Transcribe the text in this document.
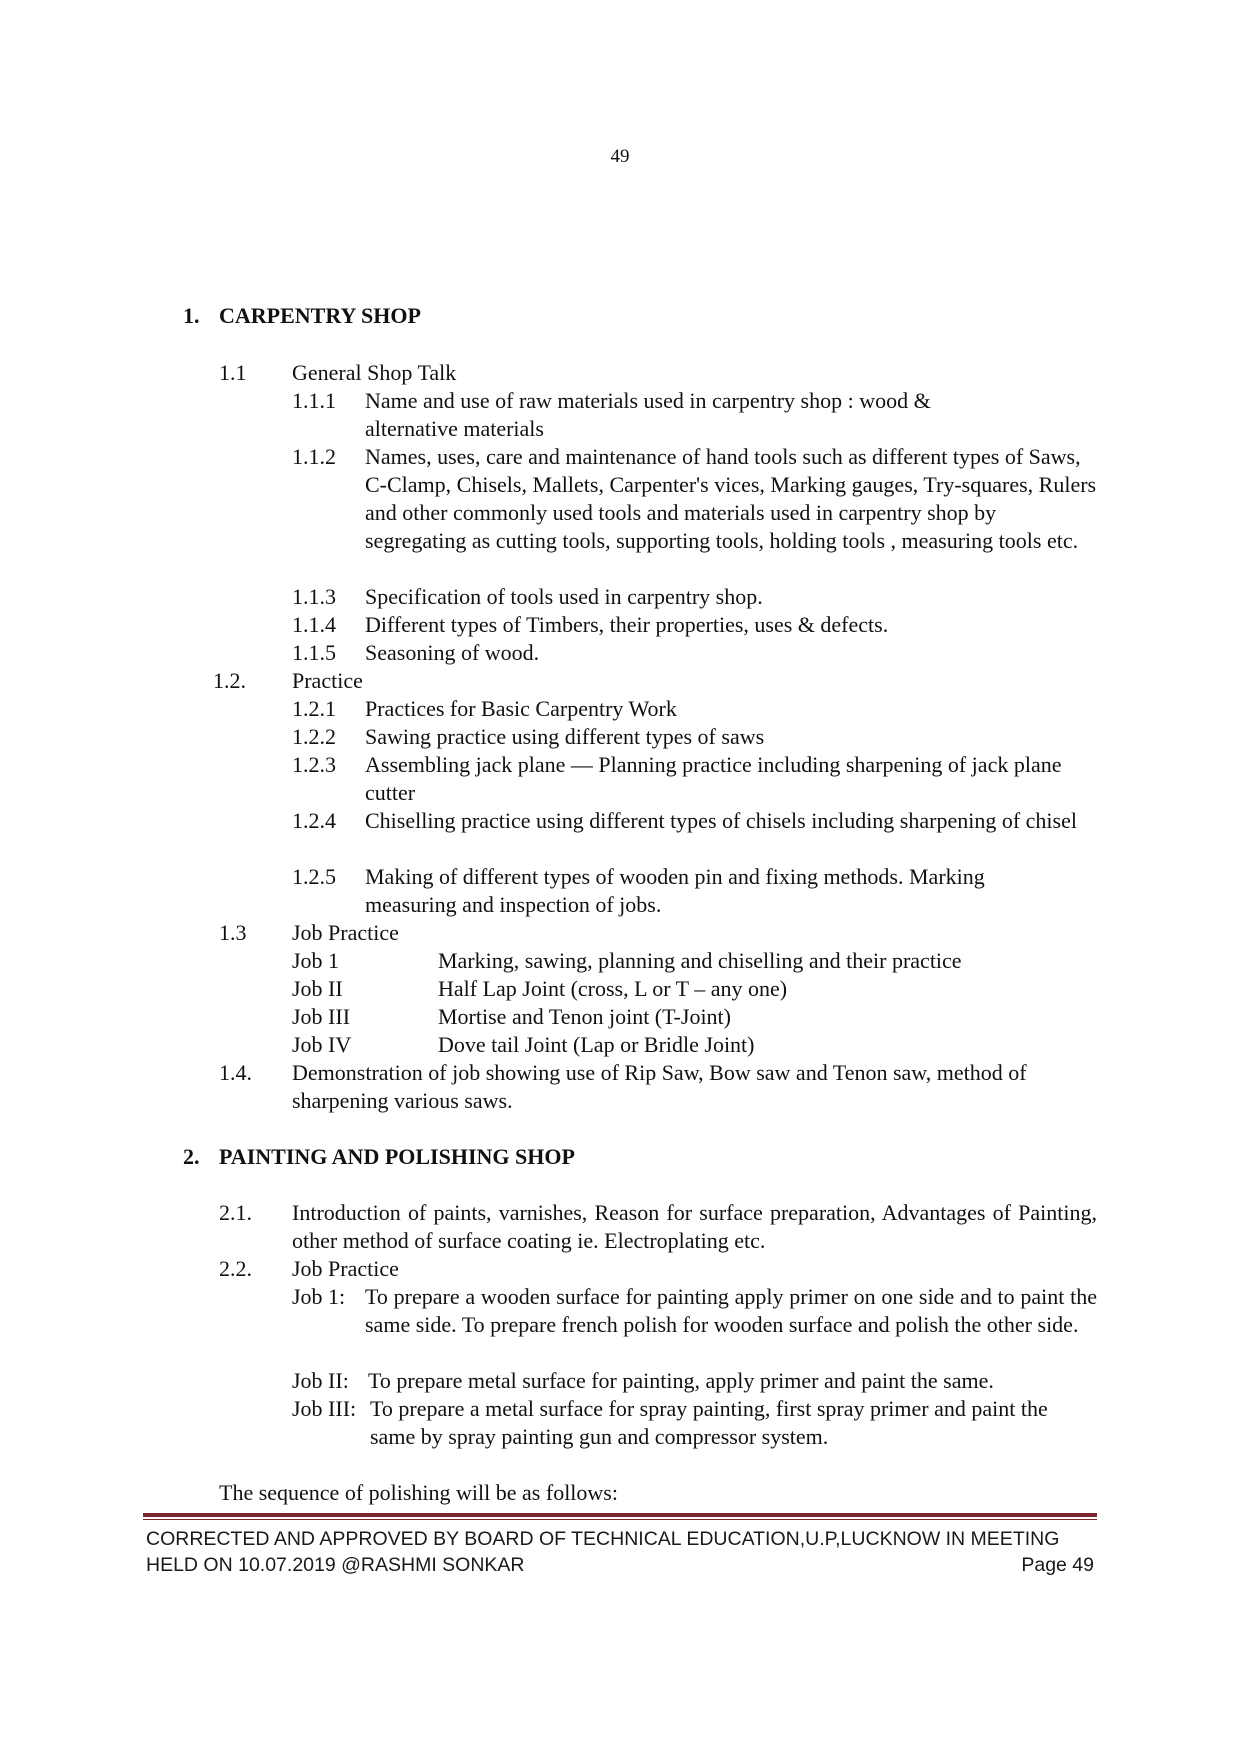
49
1. CARPENTRY SHOP
1.1 General Shop Talk
1.1.1 Name and use of raw materials used in carpentry shop : wood & alternative materials
1.1.2 Names, uses, care and maintenance of hand tools such as different types of Saws, C-Clamp, Chisels, Mallets, Carpenter's vices, Marking gauges, Try-squares, Rulers and other commonly used tools and materials used in carpentry shop by segregating as cutting tools, supporting tools, holding tools , measuring tools etc.
1.1.3 Specification of tools used in carpentry shop.
1.1.4 Different types of Timbers, their properties, uses & defects.
1.1.5 Seasoning of wood.
1.2. Practice
1.2.1 Practices for Basic Carpentry Work
1.2.2 Sawing practice using different types of saws
1.2.3 Assembling jack plane — Planning practice including sharpening of jack plane cutter
1.2.4 Chiselling practice using different types of chisels including sharpening of chisel
1.2.5 Making of different types of wooden pin and fixing methods. Marking measuring and inspection of jobs.
1.3 Job Practice
Job 1	Marking, sawing, planning and chiselling and their practice
Job II	Half Lap Joint (cross, L or T – any one)
Job III	Mortise and Tenon joint (T-Joint)
Job IV	Dove tail Joint (Lap or Bridle Joint)
1.4. Demonstration of job showing use of Rip Saw, Bow saw and Tenon saw, method of sharpening various saws.
2. PAINTING AND POLISHING SHOP
2.1. Introduction of paints, varnishes, Reason for surface preparation, Advantages of Painting, other method of surface coating ie. Electroplating etc.
2.2. Job Practice
Job 1: To prepare a wooden surface for painting apply primer on one side and to paint the same side. To prepare french polish for wooden surface and polish the other side.
Job II: To prepare metal surface for painting, apply primer and paint the same.
Job III: To prepare a metal surface for spray painting, first spray primer and paint the same by spray painting gun and compressor system.
The sequence of polishing will be as follows:
CORRECTED AND APPROVED BY BOARD OF TECHNICAL EDUCATION,U.P,LUCKNOW IN MEETING
HELD ON 10.07.2019 @RASHMI SONKAR	Page 49
